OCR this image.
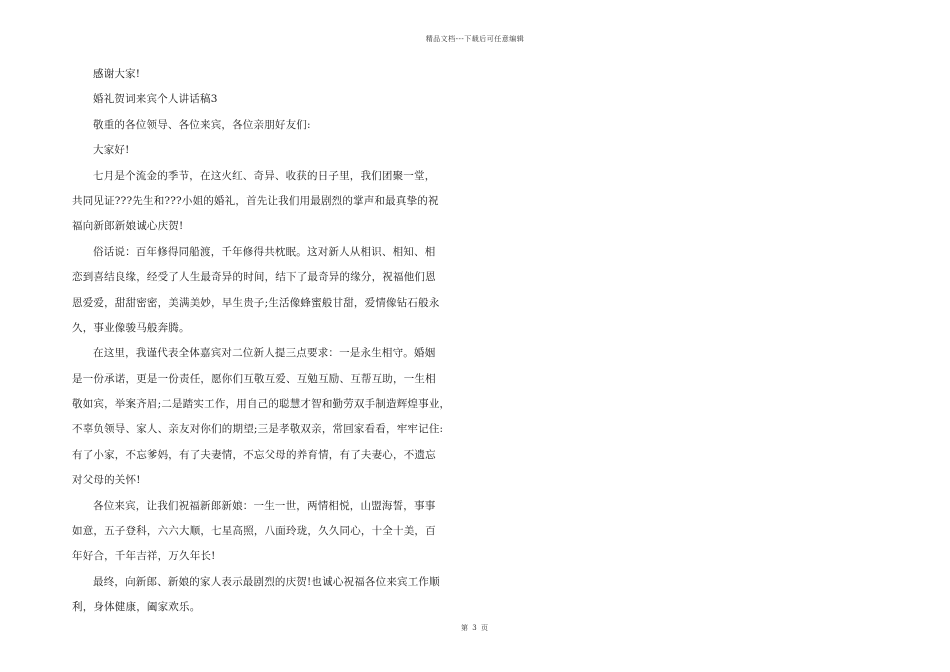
精品文档---下载后可任意编辑
感谢大家!
婚礼贺词来宾个人讲话稿3
敬重的各位领导、各位来宾，各位亲朋好友们:
大家好!
七月是个流金的季节，在这火红、奇异、收获的日子里，我们团聚一堂，
共同见证???先生和???小姐的婚礼，首先让我们用最剧烈的掌声和最真挚的祝
福向新郎新娘诚心庆贺!
俗话说：百年修得同船渡，千年修得共枕眠。这对新人从相识、相知、相
恋到喜结良缘，经受了人生最奇异的时间，结下了最奇异的缘分，祝福他们恩
恩爱爱，甜甜密密，美满美妙，早生贵子;生活像蜂蜜般甘甜，爱情像钻石般永
久，事业像骏马般奔腾。
在这里，我谨代表全体嘉宾对二位新人提三点要求：一是永生相守。婚姻
是一份承诺，更是一份责任，愿你们互敬互爱、互勉互励、互帮互助，一生相
敬如宾，举案齐眉;二是踏实工作，用自己的聪慧才智和勤劳双手制造辉煌事业，
不辜负领导、家人、亲友对你们的期望;三是孝敬双亲，常回家看看，牢牢记住:
有了小家，不忘爹妈，有了夫妻情，不忘父母的养育情，有了夫妻心，不遗忘
对父母的关怀!
各位来宾，让我们祝福新郎新娘：一生一世，两情相悦，山盟海誓，事事
如意，五子登科，六六大顺，七星高照，八面玲珑，久久同心，十全十美，百
年好合，千年吉祥，万久年长!
最终，向新郎、新娘的家人表示最剧烈的庆贺!也诚心祝福各位来宾工作顺
利，身体健康，阖家欢乐。
第 3 页
